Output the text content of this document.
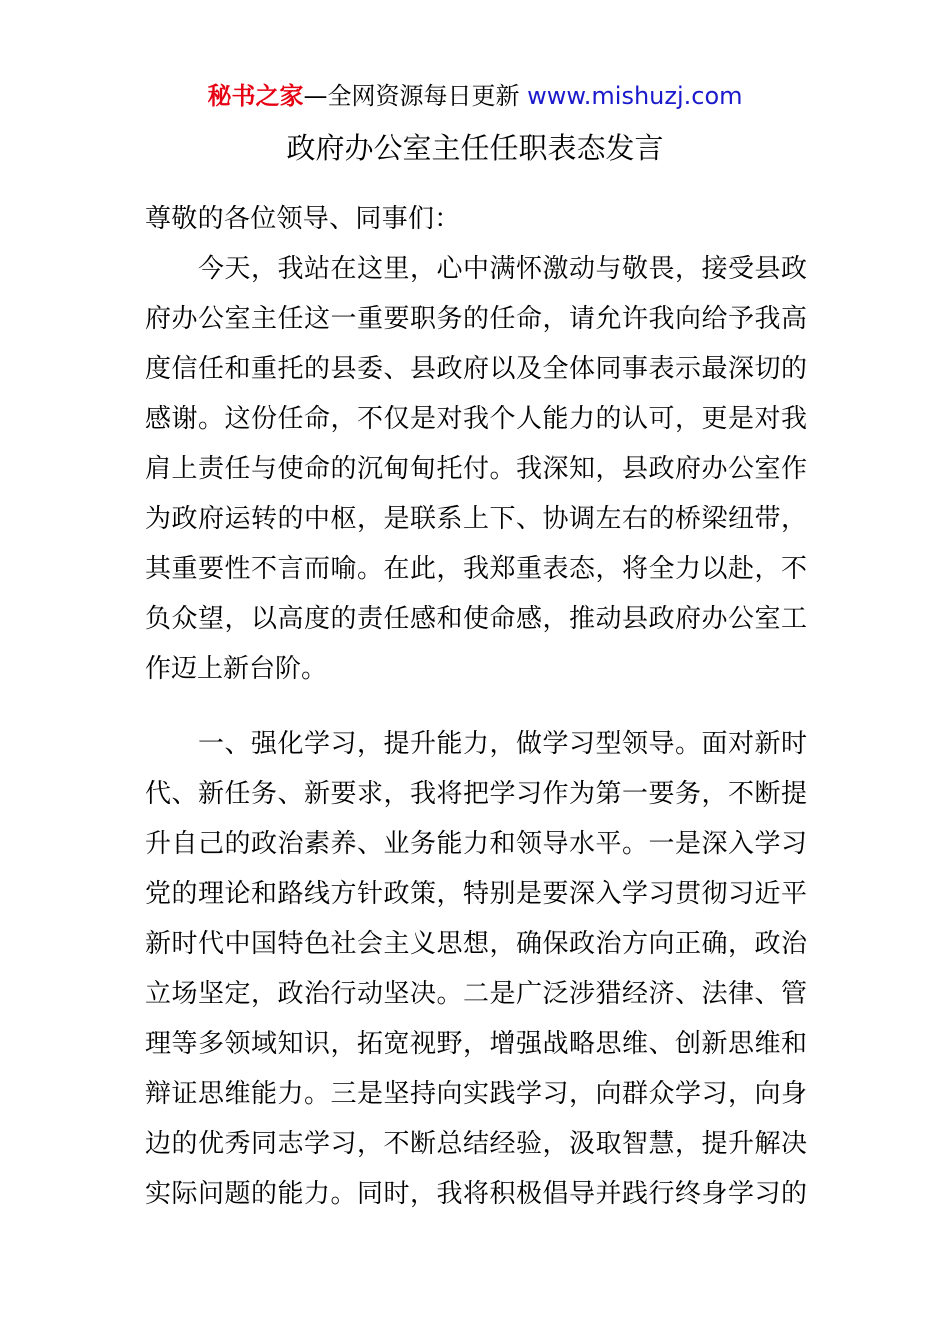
秘书之家—全网资源每日更新 www.mishuzj.com
政府办公室主任任职表态发言
尊敬的各位领导、同事们：
　　今天，我站在这里，心中满怀激动与敬畏，接受县政
府办公室主任这一重要职务的任命，请允许我向给予我高
度信任和重托的县委、县政府以及全体同事表示最深切的
感谢。这份任命，不仅是对我个人能力的认可，更是对我
肩上责任与使命的沉甸甸托付。我深知，县政府办公室作
为政府运转的中枢，是联系上下、协调左右的桥梁纽带，
其重要性不言而喻。在此，我郑重表态，将全力以赴，不
负众望，以高度的责任感和使命感，推动县政府办公室工
作迈上新台阶。
　　一、强化学习，提升能力，做学习型领导。面对新时
代、新任务、新要求，我将把学习作为第一要务，不断提
升自己的政治素养、业务能力和领导水平。一是深入学习
党的理论和路线方针政策，特别是要深入学习贯彻习近平
新时代中国特色社会主义思想，确保政治方向正确，政治
立场坚定，政治行动坚决。二是广泛涉猎经济、法律、管
理等多领域知识，拓宽视野，增强战略思维、创新思维和
辩证思维能力。三是坚持向实践学习，向群众学习，向身
边的优秀同志学习，不断总结经验，汲取智慧，提升解决
实际问题的能力。同时，我将积极倡导并践行终身学习的
